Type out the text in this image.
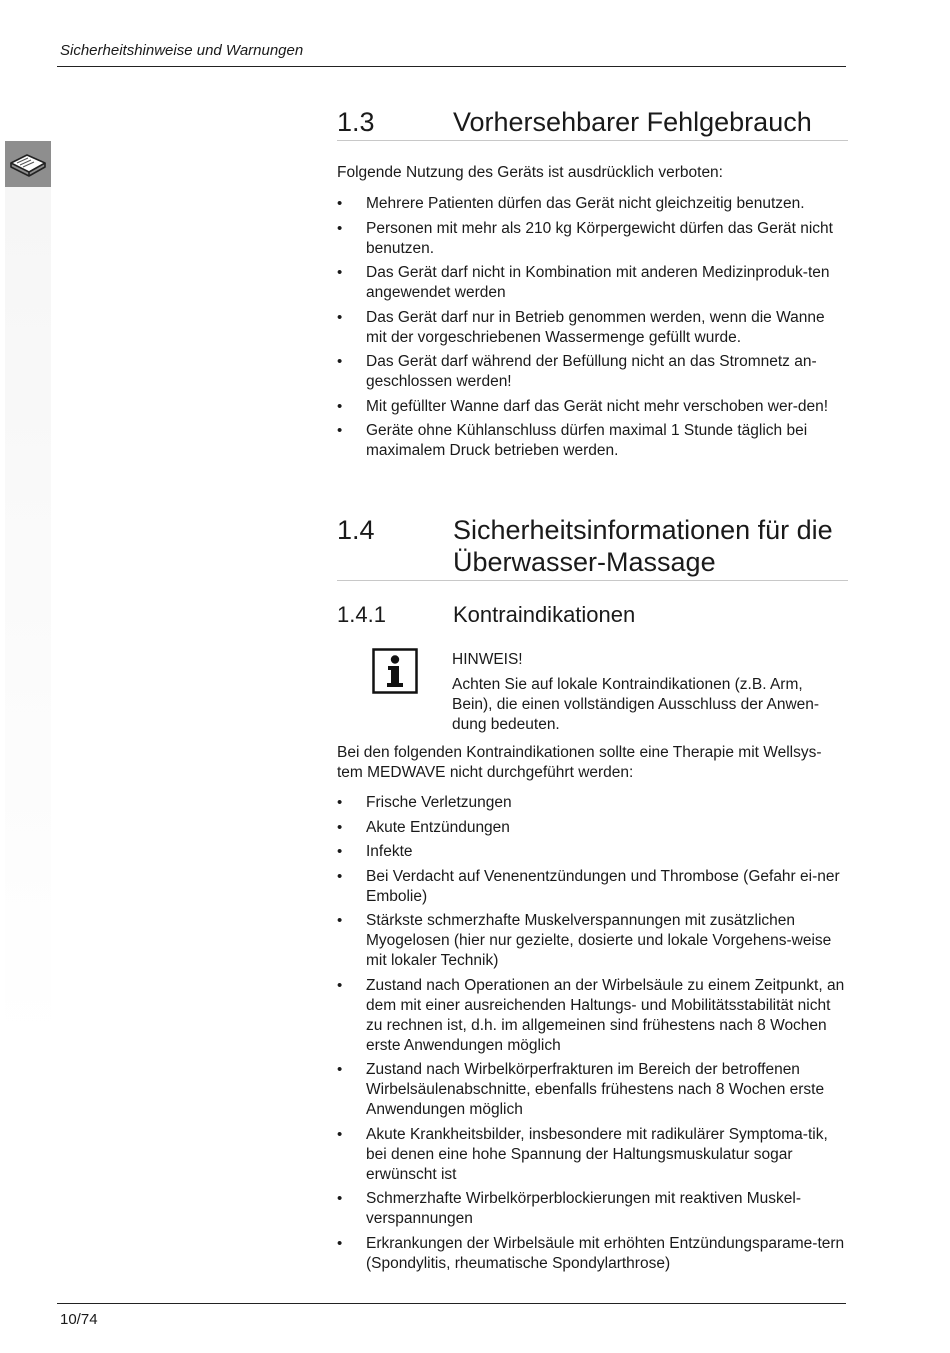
Sicherheitshinweise und Warnungen
1.3	Vorhersehbarer Fehlgebrauch
Folgende Nutzung des Geräts ist ausdrücklich verboten:
• Mehrere Patienten dürfen das Gerät nicht gleichzeitig benutzen.
• Personen mit mehr als 210 kg Körpergewicht dürfen das Gerät nicht benutzen.
• Das Gerät darf nicht in Kombination mit anderen Medizinproduk-ten angewendet werden
• Das Gerät darf nur in Betrieb genommen werden, wenn die Wanne mit der vorgeschriebenen Wassermenge gefüllt wurde.
• Das Gerät darf während der Befüllung nicht an das Stromnetz an-geschlossen werden!
• Mit gefüllter Wanne darf das Gerät nicht mehr verschoben wer-den!
• Geräte ohne Kühlanschluss dürfen maximal 1 Stunde täglich bei maximalem Druck betrieben werden.
1.4	Sicherheitsinformationen für die Überwasser-Massage
1.4.1	Kontraindikationen
HINWEIS!
Achten Sie auf lokale Kontraindikationen (z.B. Arm, Bein), die einen vollständigen Ausschluss der Anwen-dung bedeuten.
Bei den folgenden Kontraindikationen sollte eine Therapie mit Wellsys-tem MEDWAVE nicht durchgeführt werden:
• Frische Verletzungen
• Akute Entzündungen
• Infekte
• Bei Verdacht auf Venenentzündungen und Thrombose (Gefahr ei-ner Embolie)
• Stärkste schmerzhafte Muskelverspannungen mit zusätzlichen Myogelosen (hier nur gezielte, dosierte und lokale Vorgehens-weise mit lokaler Technik)
• Zustand nach Operationen an der Wirbelsäule zu einem Zeitpunkt, an dem mit einer ausreichenden Haltungs- und Mobilitätsstabilität nicht zu rechnen ist, d.h. im allgemeinen sind frühestens nach 8 Wochen erste Anwendungen möglich
• Zustand nach Wirbelkörperfrakturen im Bereich der betroffenen Wirbelsäulenabschnitte, ebenfalls frühestens nach 8 Wochen erste Anwendungen möglich
• Akute Krankheitsbilder, insbesondere mit radikulärer Symptoma-tik, bei denen eine hohe Spannung der Haltungsmuskulatur sogar erwünscht ist
• Schmerzhafte Wirbelkörperblockierungen mit reaktiven Muskel-verspannungen
• Erkrankungen der Wirbelsäule mit erhöhten Entzündungsparame-tern (Spondylitis, rheumatische Spondylarthrose)
10/74
